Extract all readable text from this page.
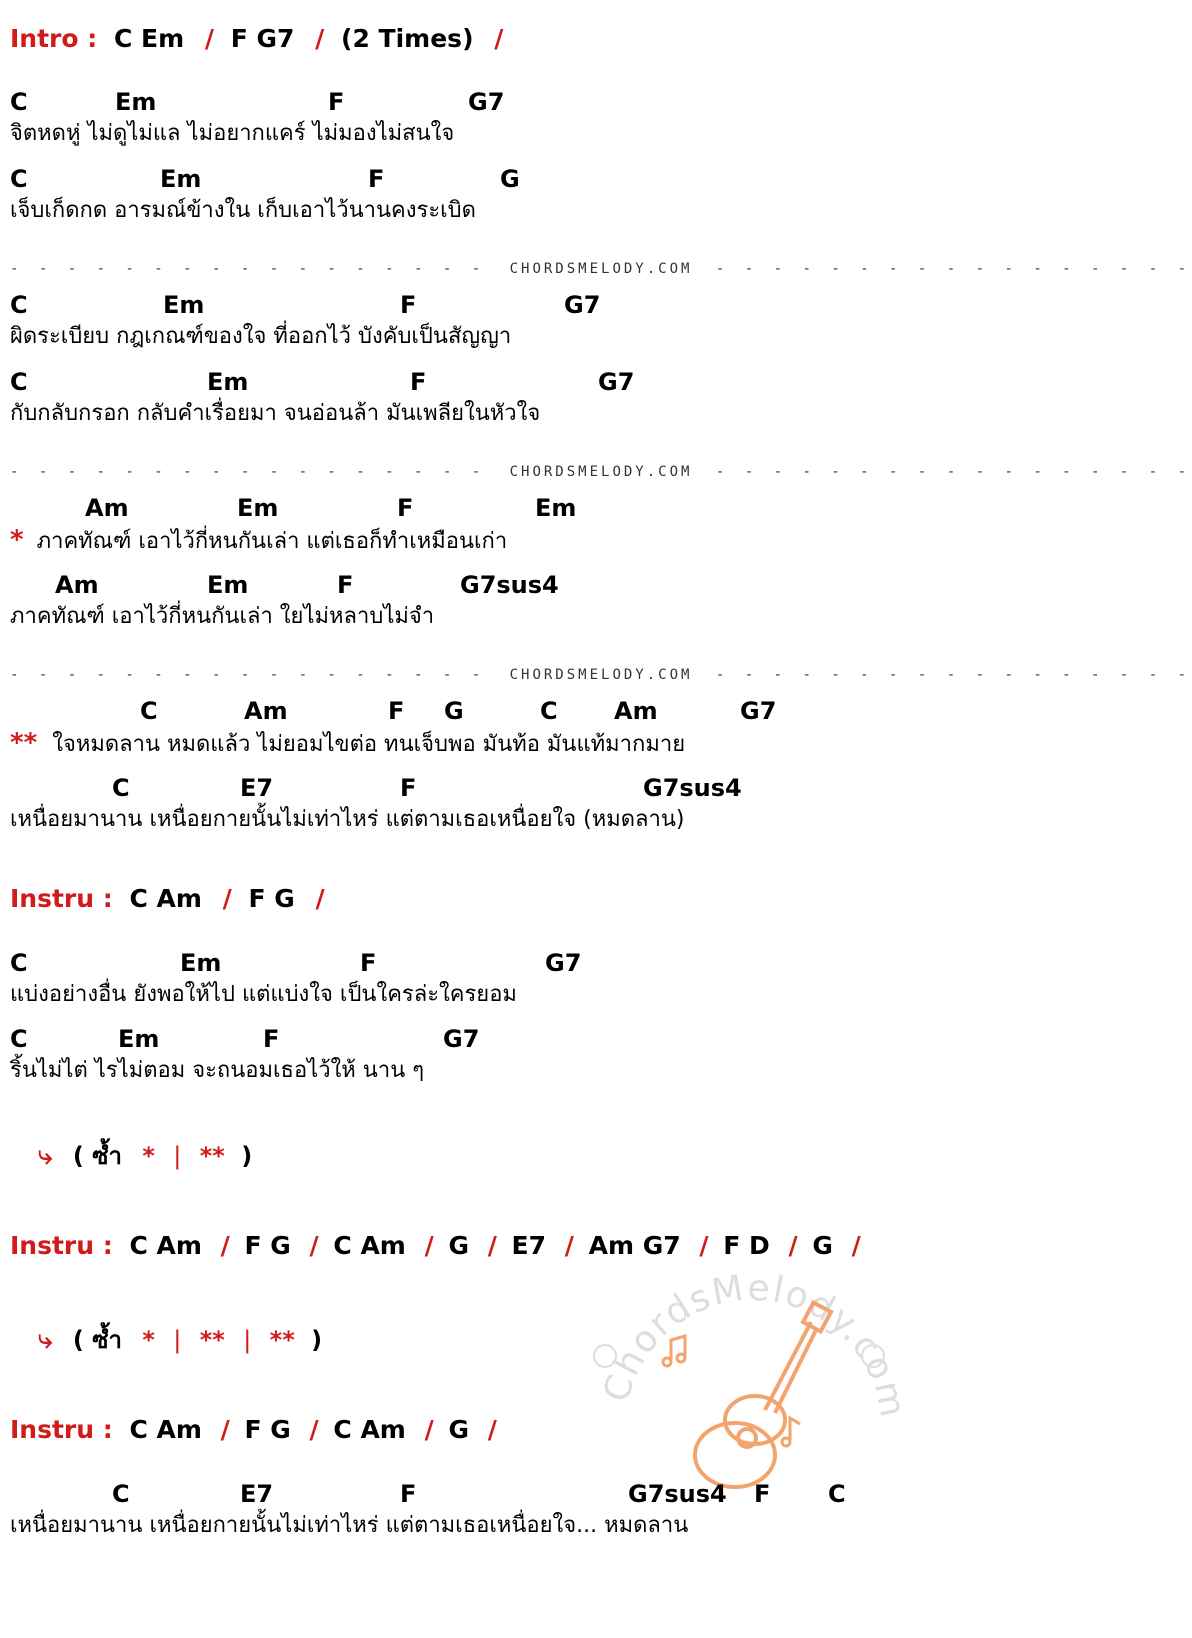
Intro : C Em / F G7 / (2 Times) /
C	Em	F	G7
จิตหดหู่ ไม่ดูไม่แล ไม่อยากแคร์ ไม่มองไม่สนใจ
C	Em	F	G
เจ็บเก็ดกด อารมณ์ข้างใน เก็บเอาไว้นานคงระเบิด
- - - - - - - - - - - - - - - - - CHORDSMELODY.COM - - - - - - - - - - - - - - - - -
C	Em	F	G7
ผิดระเบียบ กฎเกณฑ์ของใจ ที่ออกไว้ บังคับเป็นสัญญา
C	Em	F	G7
กับกลับกรอก กลับคำเรื่อยมา จนอ่อนล้า มันเพลียในหัวใจ
- - - - - - - - - - - - - - - - - CHORDSMELODY.COM - - - - - - - - - - - - - - - - -
Am	Em	F	Em
* ภาคทัณฑ์ เอาไว้กี่หนกันเล่า แต่เธอก็ทำเหมือนเก่า
Am	Em	F	G7sus4
ภาคทัณฑ์ เอาไว้กี่หนกันเล่า ใยไม่หลาบไม่จำ
- - - - - - - - - - - - - - - - - CHORDSMELODY.COM - - - - - - - - - - - - - - - - -
C	Am	F G	C Am	G7
** ใจหมดลาน หมดแล้ว ไม่ยอมไขต่อ ทนเจ็บพอ มันท้อ มันแท้มากมาย
C	E7	F	G7sus4
เหนื่อยมานาน เหนื่อยกายนั้นไม่เท่าไหร่ แต่ตามเธอเหนื่อยใจ (หมดลาน)
Instru : C Am / F G /
C	Em	F	G7
แบ่งอย่างอื่น ยังพอให้ไป แต่แบ่งใจ เป็นใครล่ะใครยอม
C	Em	F	G7
ริ้นไม่ไต่ ไรไม่ตอม จะถนอมเธอไว้ให้ นาน ๆ
⤷ ( ซ้ำ * | ** )
ChordsMelody.com
Instru : C Am / F G / C Am / G / E7 / Am G7 / F D / G /
⤷ ( ซ้ำ * | ** | ** )
Instru : C Am / F G / C Am / G /
C	E7	F	G7sus4 F C
เหนื่อยมานาน เหนื่อยกายนั้นไม่เท่าไหร่ แต่ตามเธอเหนื่อยใจ... หมดลาน
